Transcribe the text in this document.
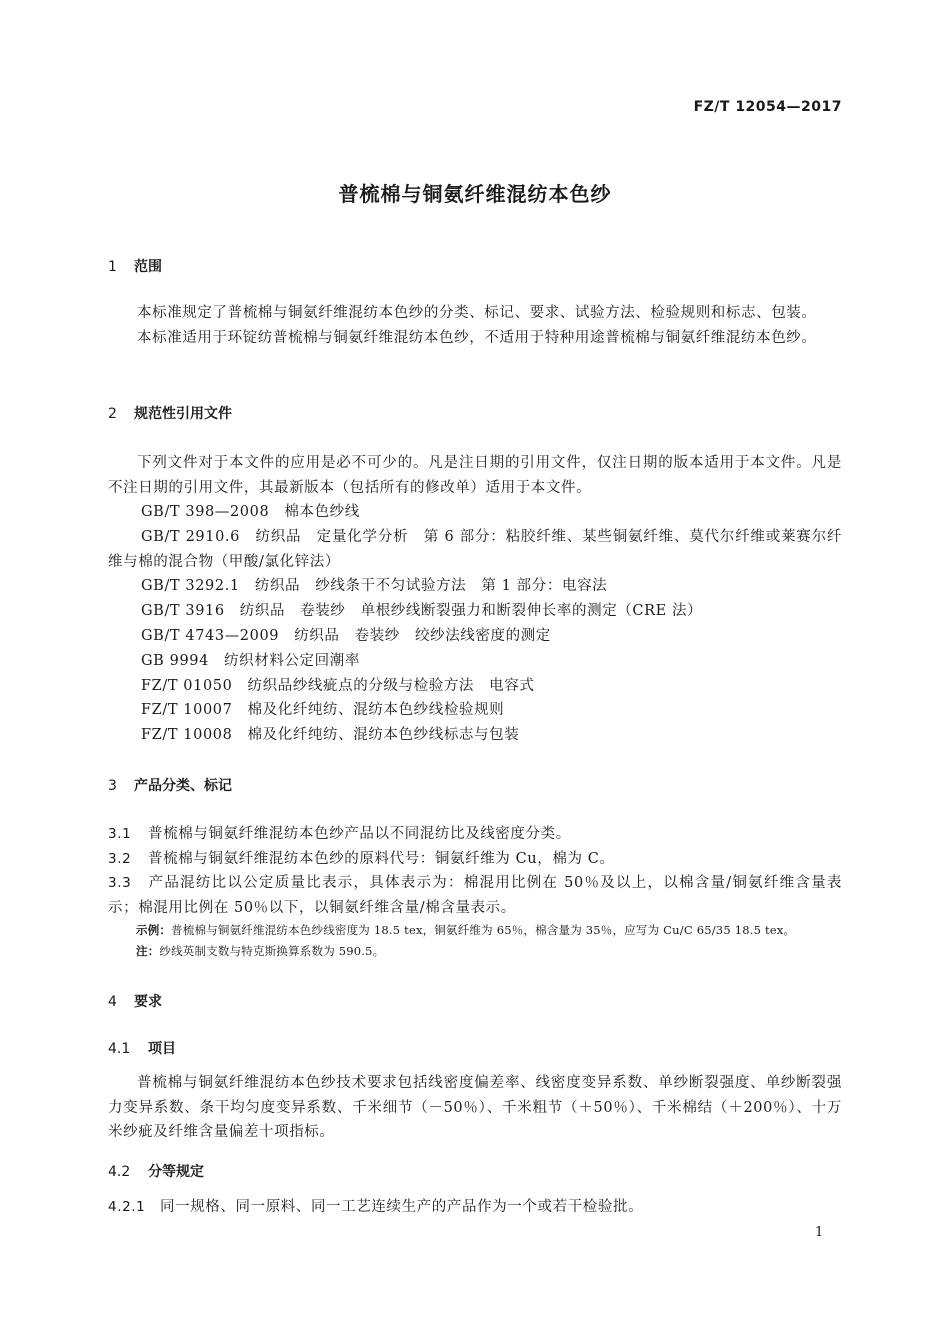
FZ/T 12054—2017
普梳棉与铜氨纤维混纺本色纱
1 范围
本标准规定了普梳棉与铜氨纤维混纺本色纱的分类、标记、要求、试验方法、检验规则和标志、包装。
本标准适用于环锭纺普梳棉与铜氨纤维混纺本色纱，不适用于特种用途普梳棉与铜氨纤维混纺本色纱。
2 规范性引用文件
下列文件对于本文件的应用是必不可少的。凡是注日期的引用文件，仅注日期的版本适用于本文件。凡是不注日期的引用文件，其最新版本（包括所有的修改单）适用于本文件。
GB/T 398—2008　棉本色纱线
GB/T 2910.6　纺织品　定量化学分析　第 6 部分：粘胶纤维、某些铜氨纤维、莫代尔纤维或莱赛尔纤维与棉的混合物（甲酸/氯化锌法）
GB/T 3292.1　纺织品　纱线条干不匀试验方法　第 1 部分：电容法
GB/T 3916　纺织品　卷装纱　单根纱线断裂强力和断裂伸长率的测定（CRE 法）
GB/T 4743—2009　纺织品　卷装纱　绞纱法线密度的测定
GB 9994　纺织材料公定回潮率
FZ/T 01050　纺织品纱线疵点的分级与检验方法　电容式
FZ/T 10007　棉及化纤纯纺、混纺本色纱线检验规则
FZ/T 10008　棉及化纤纯纺、混纺本色纱线标志与包装
3 产品分类、标记
3.1 普梳棉与铜氨纤维混纺本色纱产品以不同混纺比及线密度分类。
3.2 普梳棉与铜氨纤维混纺本色纱的原料代号：铜氨纤维为 Cu，棉为 C。
3.3 产品混纺比以公定质量比表示，具体表示为：棉混用比例在 50％及以上，以棉含量/铜氨纤维含量表示；棉混用比例在 50％以下，以铜氨纤维含量/棉含量表示。
示例：普梳棉与铜氨纤维混纺本色纱线密度为 18.5 tex，铜氨纤维为 65％，棉含量为 35％，应写为 Cu/C 65/35 18.5 tex。
注：纱线英制支数与特克斯换算系数为 590.5。
4 要求
4.1 项目
普梳棉与铜氨纤维混纺本色纱技术要求包括线密度偏差率、线密度变异系数、单纱断裂强度、单纱断裂强力变异系数、条干均匀度变异系数、千米细节（－50％）、千米粗节（＋50％）、千米棉结（＋200％）、十万米纱疵及纤维含量偏差十项指标。
4.2 分等规定
4.2.1 同一规格、同一原料、同一工艺连续生产的产品作为一个或若干检验批。
1
